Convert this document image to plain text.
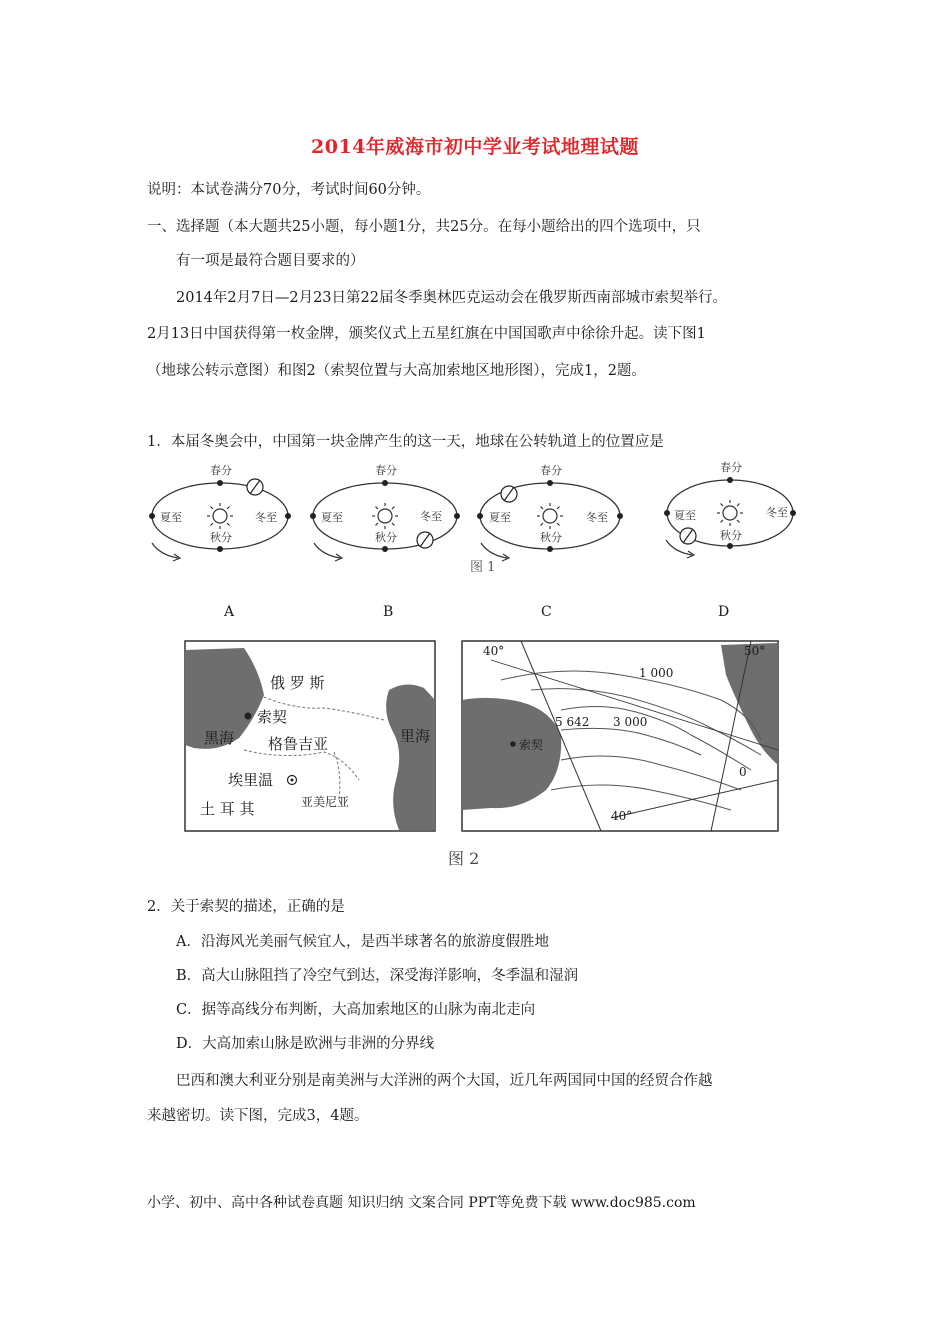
2014年威海市初中学业考试地理试题
说明：本试卷满分70分，考试时间60分钟。
一、选择题（本大题共25小题，每小题1分，共25分。在每小题给出的四个选项中，只
有一项是最符合题目要求的）
2014年2月7日—2月23日第22届冬季奥林匹克运动会在俄罗斯西南部城市索契举行。
2月13日中国获得第一枚金牌，颁奖仪式上五星红旗在中国国歌声中徐徐升起。读下图1
（地球公转示意图）和图2（索契位置与大高加索地区地形图），完成1，2题。
1．本届冬奥会中，中国第一块金牌产生的这一天，地球在公转轨道上的位置应是
春分
夏至	冬至
秋分
春分
夏至	冬至
秋分
春分
夏至	冬至
秋分
春分
夏至	冬至
秋分
图 1
A	B	C	D
俄 罗 斯
索契
黑海 格鲁吉亚	里海
埃里温
亚美尼亚
土 耳 其
40°	50°
1 000
5 642 3 000
索契
0
40°
图 2
2．关于索契的描述，正确的是
A．沿海风光美丽气候宜人，是西半球著名的旅游度假胜地
B．高大山脉阻挡了冷空气到达，深受海洋影响，冬季温和湿润
C．据等高线分布判断，大高加索地区的山脉为南北走向
D．大高加索山脉是欧洲与非洲的分界线
巴西和澳大利亚分别是南美洲与大洋洲的两个大国，近几年两国同中国的经贸合作越
来越密切。读下图，完成3，4题。
小学、初中、高中各种试卷真题 知识归纳 文案合同 PPT等免费下载 www.doc985.com
